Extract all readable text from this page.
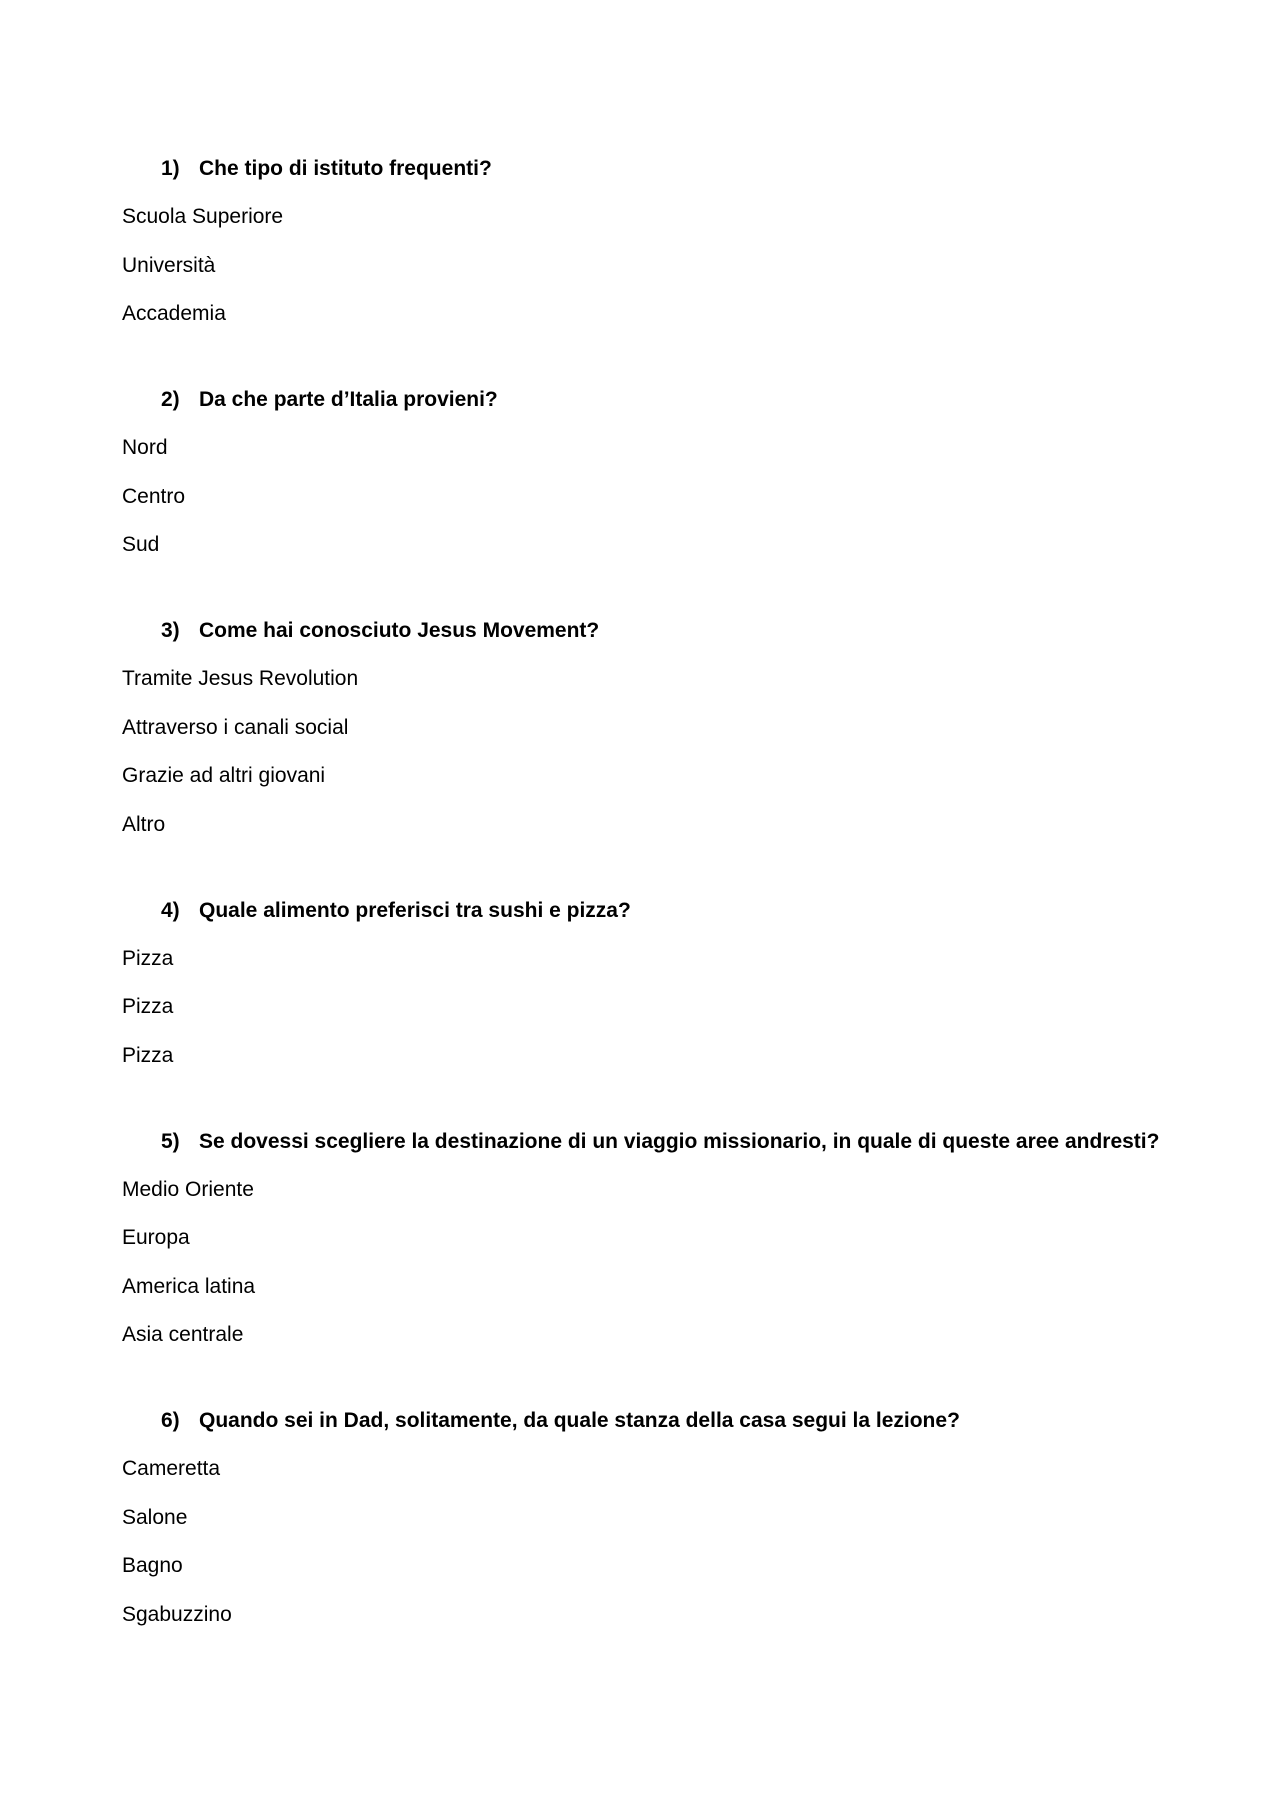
1) Che tipo di istituto frequenti?
Scuola Superiore
Università
Accademia
2) Da che parte d’Italia provieni?
Nord
Centro
Sud
3) Come hai conosciuto Jesus Movement?
Tramite Jesus Revolution
Attraverso i canali social
Grazie ad altri giovani
Altro
4) Quale alimento preferisci tra sushi e pizza?
Pizza
Pizza
Pizza
5) Se dovessi scegliere la destinazione di un viaggio missionario, in quale di queste aree andresti?
Medio Oriente
Europa
America latina
Asia centrale
6) Quando sei in Dad, solitamente, da quale stanza della casa segui la lezione?
Cameretta
Salone
Bagno
Sgabuzzino
